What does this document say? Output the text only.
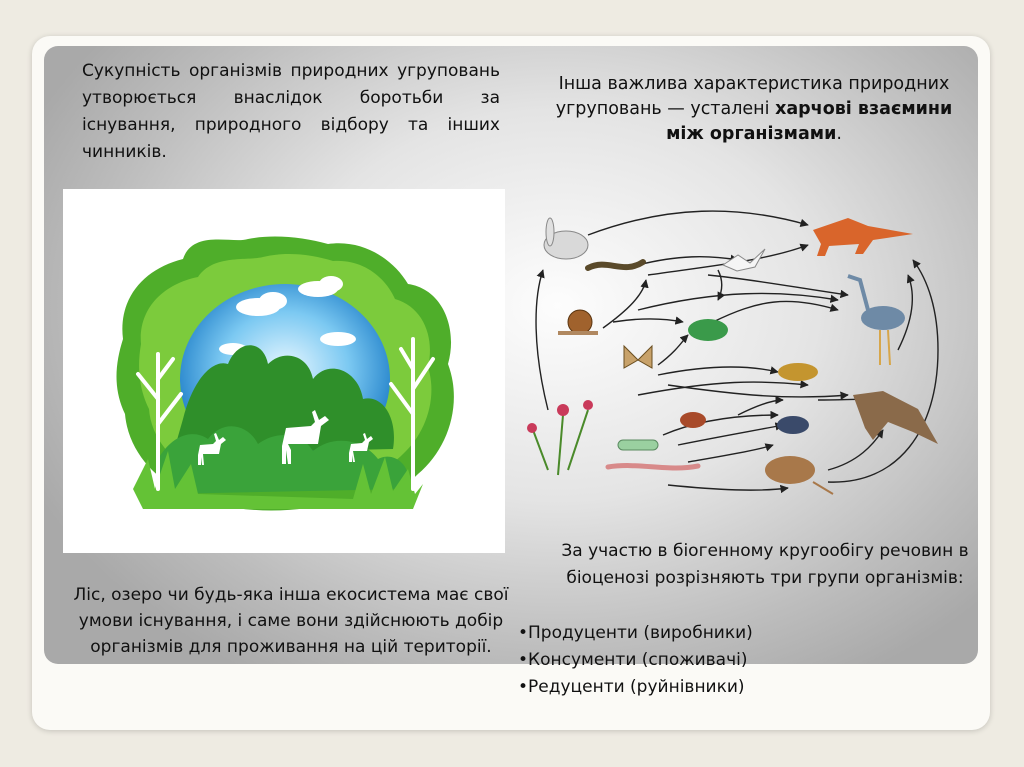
Сукупність організмів природних угруповань утворюється внаслідок боротьби за існування, природного відбору та інших чинників.
Інша важлива характеристика природних угруповань — усталені харчові взаємини між організмами.
Ліс, озеро чи будь-яка інша екосистема має свої умови існування, і саме вони здійснюють добір організмів для проживання на цій території.
За участю в біогенному кругообігу речовин в біоценозі розрізняють три групи організмів:
•Продуценти (виробники)
•Консументи (споживачі)
•Редуценти (руйнівники)
